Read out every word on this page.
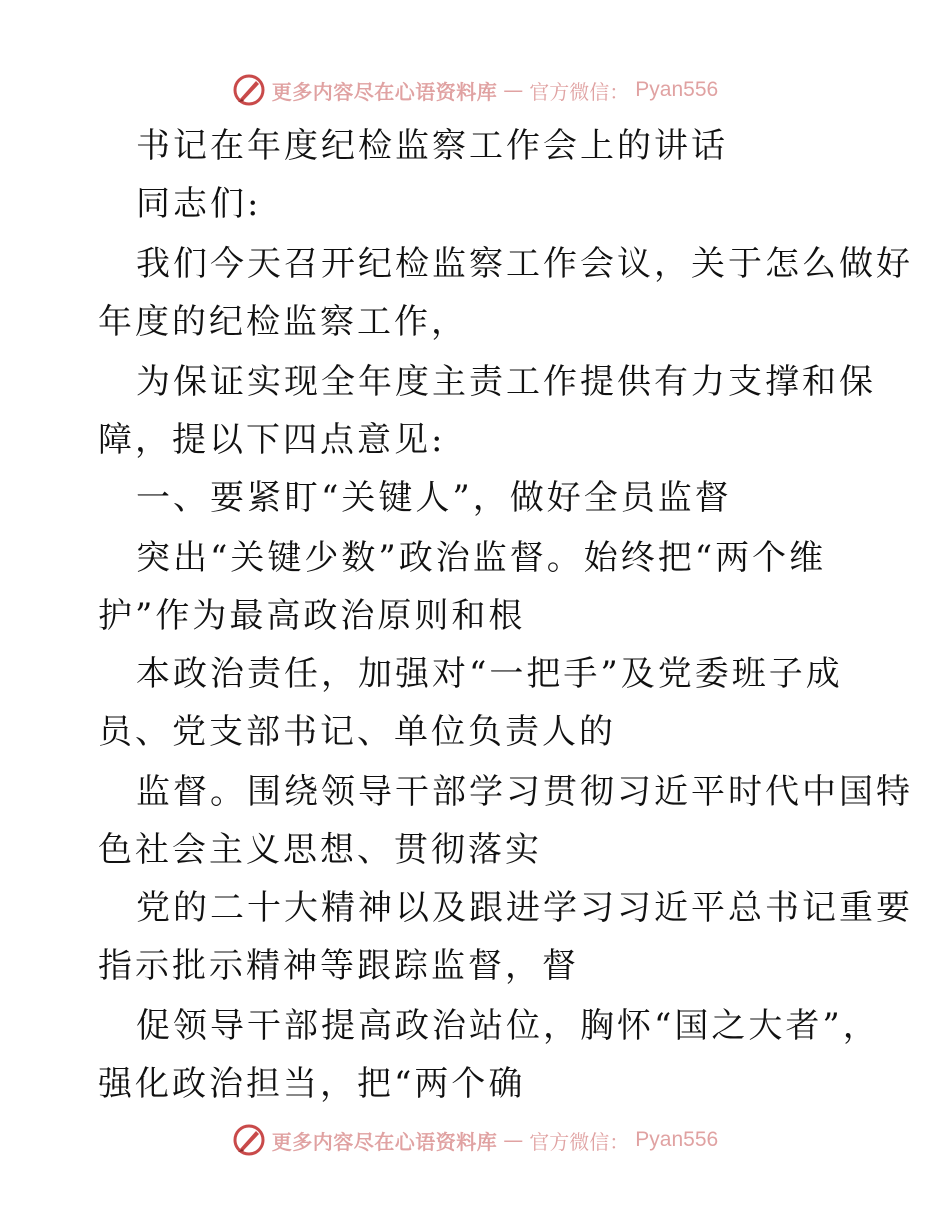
更多内容尽在心语资料库 — 官方微信： Pyan556
书记在年度纪检监察工作会上的讲话
同志们:
我们今天召开纪检监察工作会议，关于怎么做好
年度的纪检监察工作，
为保证实现全年度主责工作提供有力支撑和保
障，提以下四点意见:
一、要紧盯“关键人”，做好全员监督
突出“关键少数”政治监督。始终把“两个维
护”作为最高政治原则和根
本政治责任，加强对“一把手”及党委班子成
员、党支部书记、单位负责人的
监督。围绕领导干部学习贯彻习近平时代中国特
色社会主义思想、贯彻落实
党的二十大精神以及跟进学习习近平总书记重要
指示批示精神等跟踪监督，督
促领导干部提高政治站位，胸怀“国之大者”，
强化政治担当，把“两个确
更多内容尽在心语资料库 — 官方微信： Pyan556
